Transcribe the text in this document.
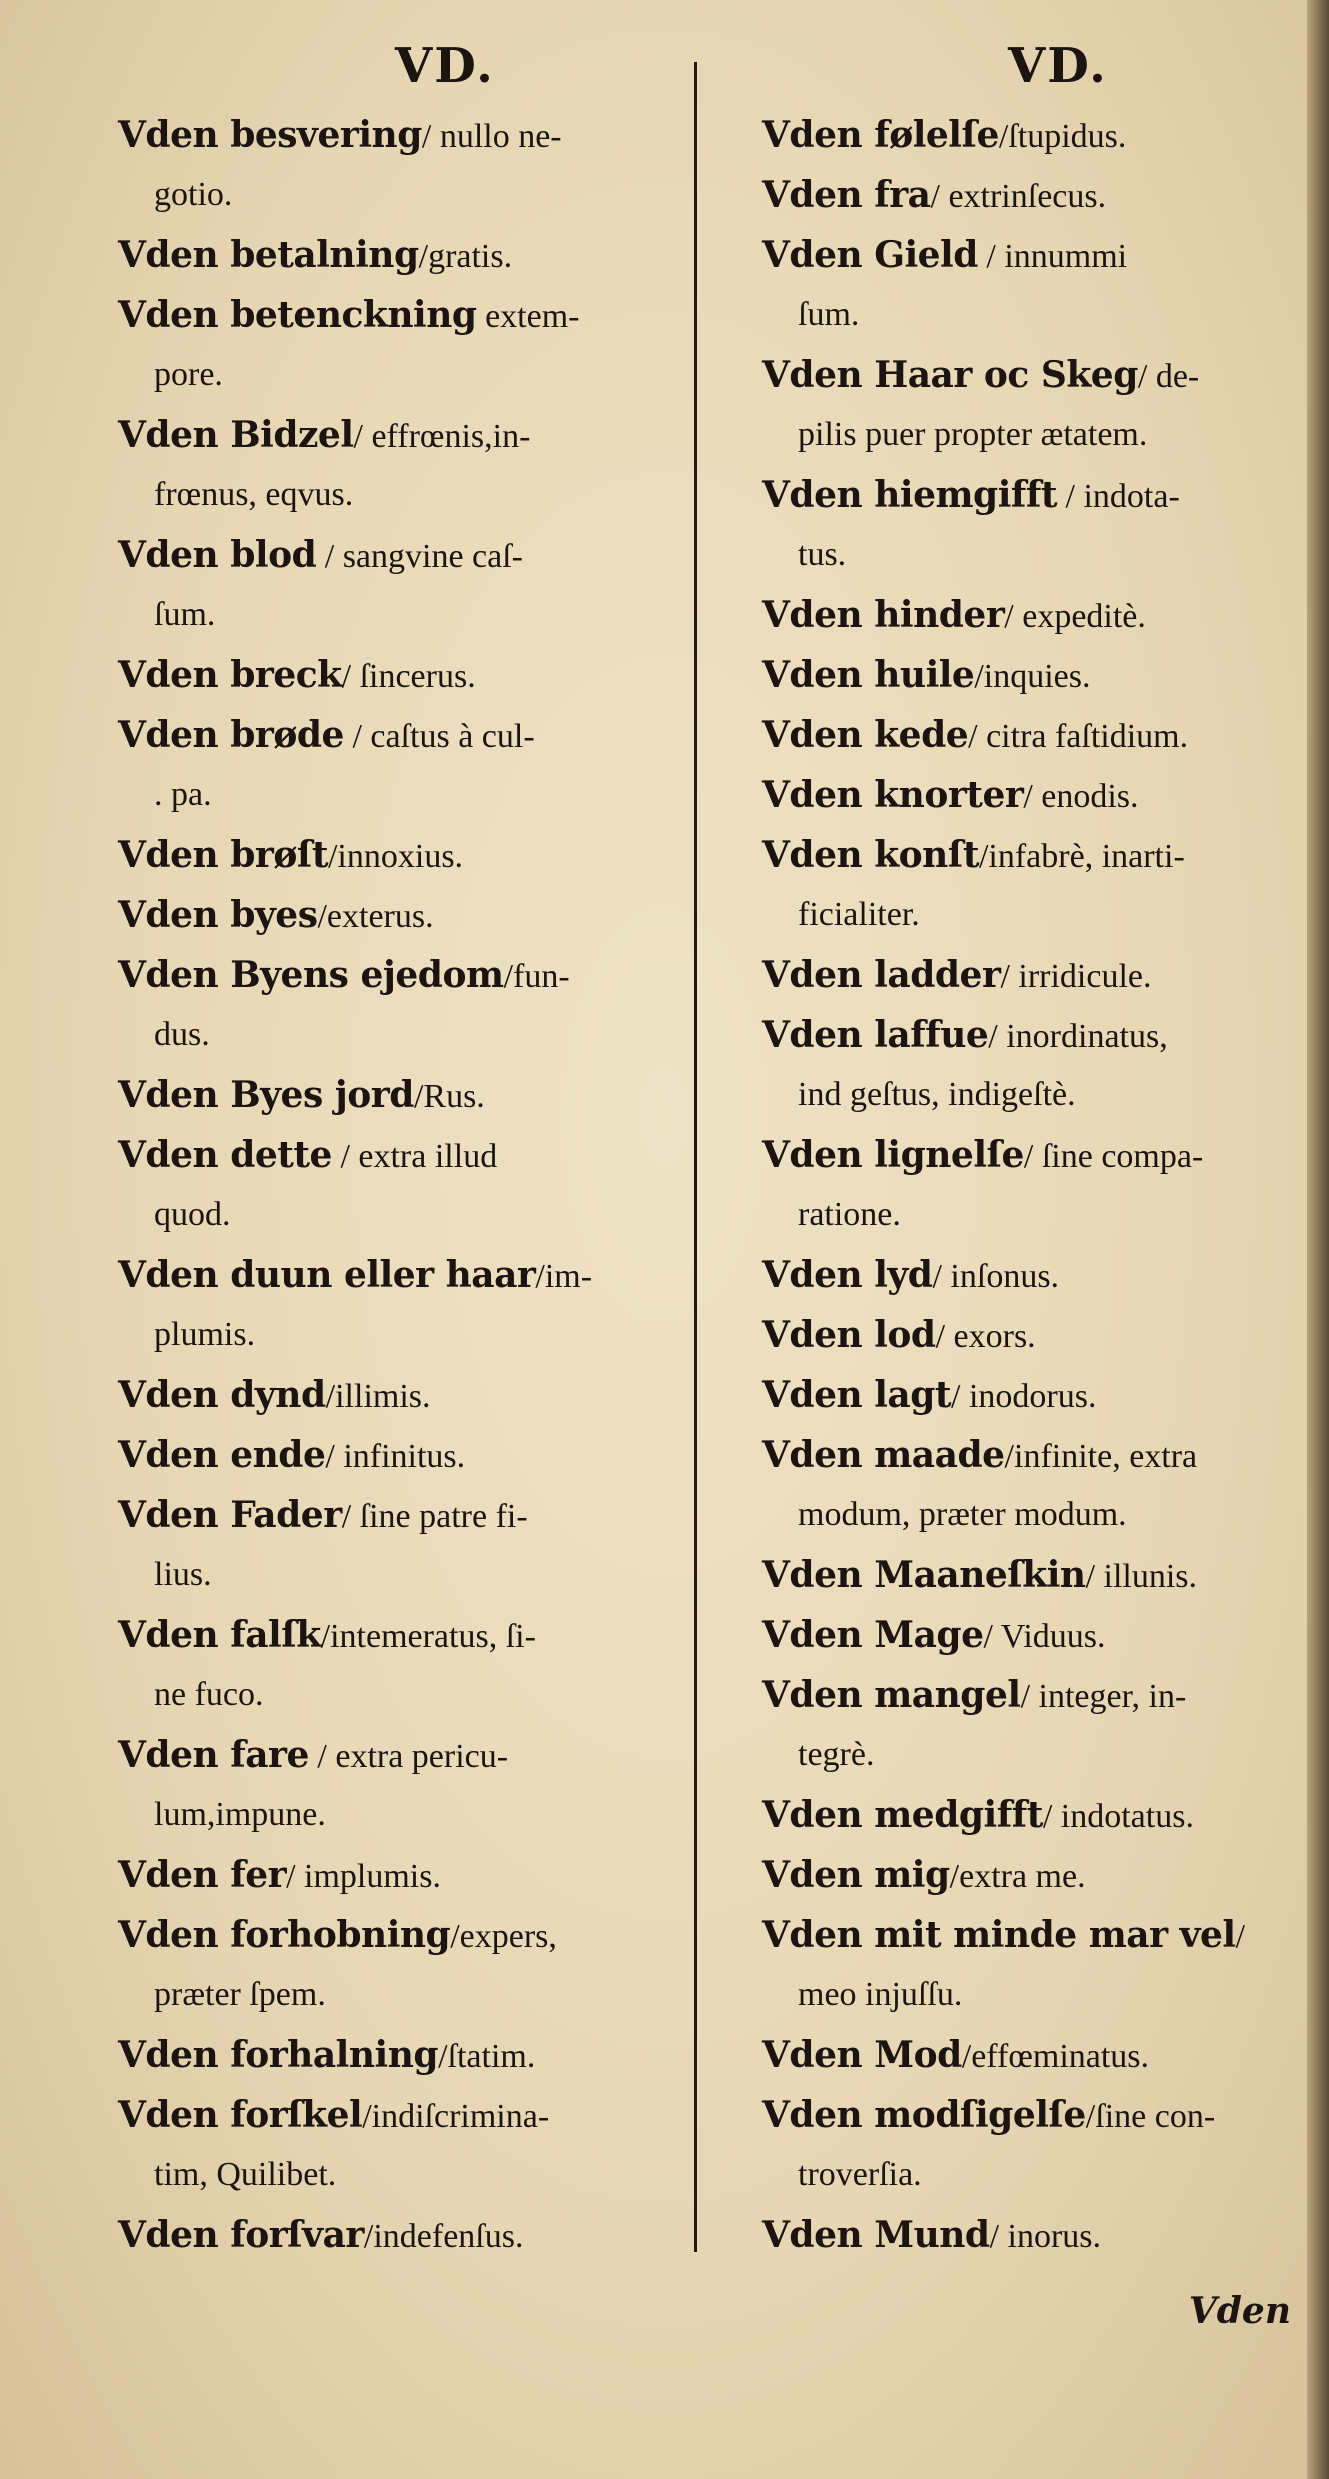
VD.	VD.
Vden besvering/ nullo ne-
gotio.
Vden betalning/gratis.
Vden betenckning extem-
pore.
Vden Bidzel/ effrœnis,in-
frœnus, eqvus.
Vden blod / sangvine caſ-
ſum.
Vden breck/ ſincerus.
Vden brøde / caſtus à cul-
. pa.
Vden brøſt/innoxius.
Vden byes/exterus.
Vden Byens ejedom/fun-
dus.
Vden Byes jord/Rus.
Vden dette / extra illud
quod.
Vden duun eller haar/im-
plumis.
Vden dynd/illimis.
Vden ende/ infinitus.
Vden Fader/ ſine patre fi-
lius.
Vden falſk/intemeratus, ſi-
ne fuco.
Vden fare / extra pericu-
lum,impune.
Vden fer/ implumis.
Vden forhobning/expers,
præter ſpem.
Vden forhalning/ſtatim.
Vden forſkel/indiſcrimina-
tim, Quilibet.
Vden forſvar/indefenſus.
Vden følelſe/ſtupidus.
Vden fra/ extrinſecus.
Vden Gield / innummi
ſum.
Vden Haar oc Skeg/ de-
pilis puer propter ætatem.
Vden hiemgifft / indota-
tus.
Vden hinder/ expeditè.
Vden huile/inquies.
Vden kede/ citra faſtidium.
Vden knorter/ enodis.
Vden konſt/infabrè, inarti-
ficialiter.
Vden ladder/ irridicule.
Vden laffue/ inordinatus,
ind geſtus, indigeſtè.
Vden lignelſe/ ſine compa-
ratione.
Vden lyd/ inſonus.
Vden lod/ exors.
Vden lagt/ inodorus.
Vden maade/infinite, extra
modum, præter modum.
Vden Maaneſkin/ illunis.
Vden Mage/ Viduus.
Vden mangel/ integer, in-
tegrè.
Vden medgifft/ indotatus.
Vden mig/extra me.
Vden mit minde mar vel/
meo injuſſu.
Vden Mod/effœminatus.
Vden modſigelſe/ſine con-
troverſia.
Vden Mund/ inorus.
Vden
